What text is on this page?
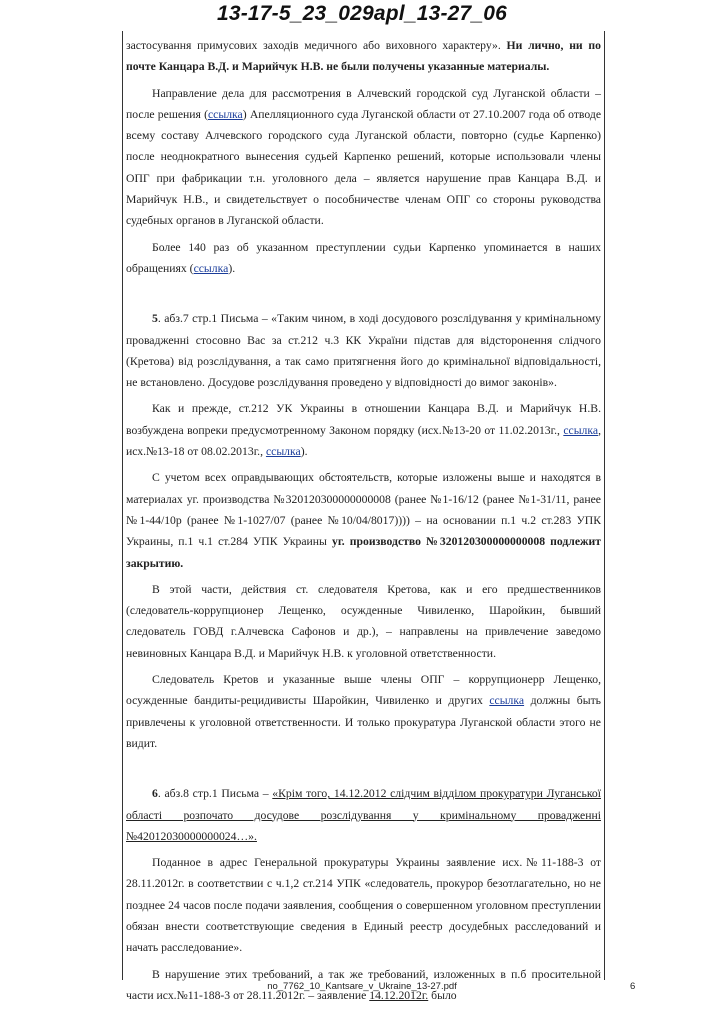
13-17-5_23_029apl_13-27_06

застосування примусових заходів медичного або виховного характеру». Ни лично, ни по почте Канцара В.Д. и Марийчук Н.В. не были получены указанные материалы.

Направление дела для рассмотрения в Алчевский городской суд Луганской области – после решения (ссылка) Апелляционного суда Луганской области от 27.10.2007 года об отводе всему составу Алчевского городского суда Луганской области, повторно (судье Карпенко) после неоднократного вынесения судьей Карпенко решений, которые использовали члены ОПГ при фабрикации т.н. уголовного дела – является нарушение прав Канцара В.Д. и Марийчук Н.В., и свидетельствует о пособничестве членам ОПГ со стороны руководства судебных органов в Луганской области.

Более 140 раз об указанном преступлении судьи Карпенко упоминается в наших обращениях (ссылка).

5. абз.7 стр.1 Письма – «Таким чином, в ході досудового розслідування у кримінальному провадженні стосовно Вас за ст.212 ч.3 КК України підстав для відсторонення слідчого (Кретова) від розслідування, а так само притягнення його до кримінальної відповідальності, не встановлено. Досудове розслідування проведено у відповідності до вимог законів».

Как и прежде, ст.212 УК Украины в отношении Канцара В.Д. и Марийчук Н.В. возбуждена вопреки предусмотренному Законом порядку (исх.№13-20 от 11.02.2013г., ссылка, исх.№13-18 от 08.02.2013г., ссылка).

С учетом всех оправдывающих обстоятельств, которые изложены выше и находятся в материалах уг. производства №320120300000000008 (ранее №1-16/12 (ранее №1-31/11, ранее №1-44/10р (ранее №1-1027/07 (ранее №10/04/8017)))) – на основании п.1 ч.2 ст.283 УПК Украины, п.1 ч.1 ст.284 УПК Украины уг. производство №320120300000000008 подлежит закрытию.

В этой части, действия ст. следователя Кретова, как и его предшественников (следователь-коррупционер Лещенко, осужденные Чивиленко, Шаройкин, бывший следователь ГОВД г.Алчевска Сафонов и др.), – направлены на привлечение заведомо невиновных Канцара В.Д. и Марийчук Н.В. к уголовной ответственности.

Следователь Кретов и указанные выше члены ОПГ – коррупционерр Лещенко, осужденные бандиты-рецидивисты Шаройкин, Чивиленко и других ссылка должны быть привлечены к уголовной ответственности. И только прокуратура Луганской области этого не видит.

6. абз.8 стр.1 Письма – «Крім того, 14.12.2012 слідчим відділом прокуратури Луганської області розпочато досудове розслідування у кримінальному провадженні №42012030000000024…».

Поданное в адрес Генеральной прокуратуры Украины заявление исх.№11-188-3 от 28.11.2012г. в соответствии с ч.1,2 ст.214 УПК «следователь, прокурор безотлагательно, но не позднее 24 часов после подачи заявления, сообщения о совершенном уголовном преступлении обязан внести соответствующие сведения в Единый реестр досудебных расследований и начать расследование».

В нарушение этих требований, а так же требований, изложенных в п.б просительной части исх.№11-188-3 от 28.11.2012г. – заявление 14.12.2012г. было

no_7762_10_Kantsare_v_Ukraine_13-27.pdf	6
